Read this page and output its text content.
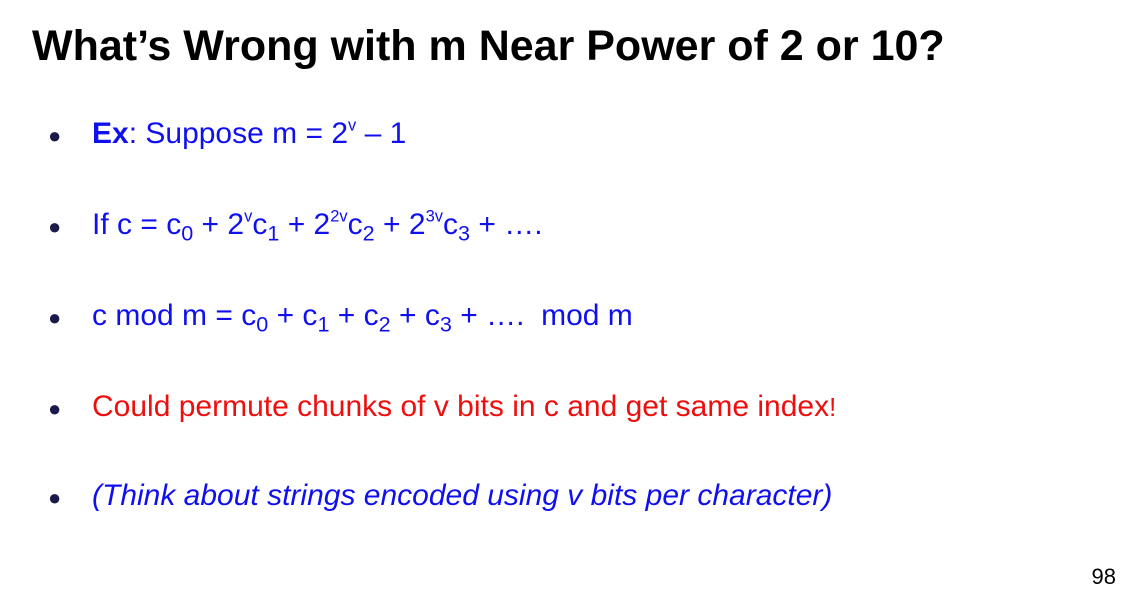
What’s Wrong with m Near Power of 2 or 10?
●	Ex: Suppose $m = 2^v - 1$
●	If $c = c_0 + 2^vc_1 + 2^{2v}c_2 + 2^{3v}c_3$ + ….
●	c mod $m = c_0 + c_1 + c_2 + c_3$ + ….  mod m
●	Could permute chunks of v bits in c and get same index!
●	(Think about strings encoded using v bits per character)
98
